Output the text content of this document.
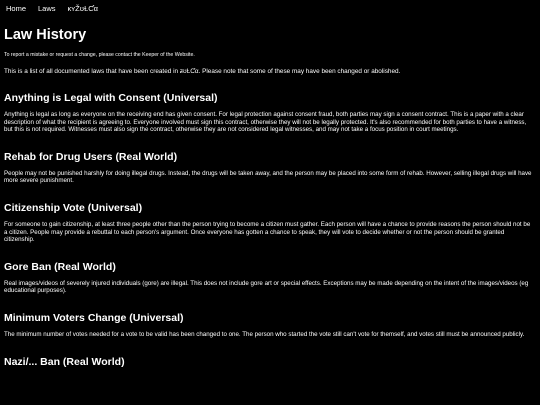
Home Laws κʏŽʊⱢƇα
Law History

To report a mistake or request a change, please contact the Keeper of the Website.

This is a list of all documented laws that have been created in ƶʊⱢƇα. Please note that some of these may have been changed or abolished.

Anything is Legal with Consent (Universal)

Anything is legal as long as everyone on the receiving end has given consent. For legal protection against consent fraud, both parties may sign a consent contract. This is a paper with a clear description of what the recipient is agreeing to. Everyone involved must sign this contract, otherwise they will not be legally protected. It's also recommended for both parties to have a witness, but this is not required. Witnesses must also sign the contract, otherwise they are not considered legal witnesses, and may not take a focus position in court meetings.

Rehab for Drug Users (Real World)

People may not be punished harshly for doing illegal drugs. Instead, the drugs will be taken away, and the person may be placed into some form of rehab. However, selling illegal drugs will have more severe punishment.

Citizenship Vote (Universal)

For someone to gain citizenship, at least three people other than the person trying to become a citizen must gather. Each person will have a chance to provide reasons the person should not be a citizen. People may provide a rebuttal to each person's argument. Once everyone has gotten a chance to speak, they will vote to decide whether or not the person should be granted citizenship.

Gore Ban (Real World)

Real images/videos of severely injured individuals (gore) are illegal. This does not include gore art or special effects. Exceptions may be made depending on the intent of the images/videos (eg educational purposes).

Minimum Voters Change (Universal)

The minimum number of votes needed for a vote to be valid has been changed to one. The person who started the vote still can't vote for themself, and votes still must be announced publicly.

Nazi/... Ban (Real World)
